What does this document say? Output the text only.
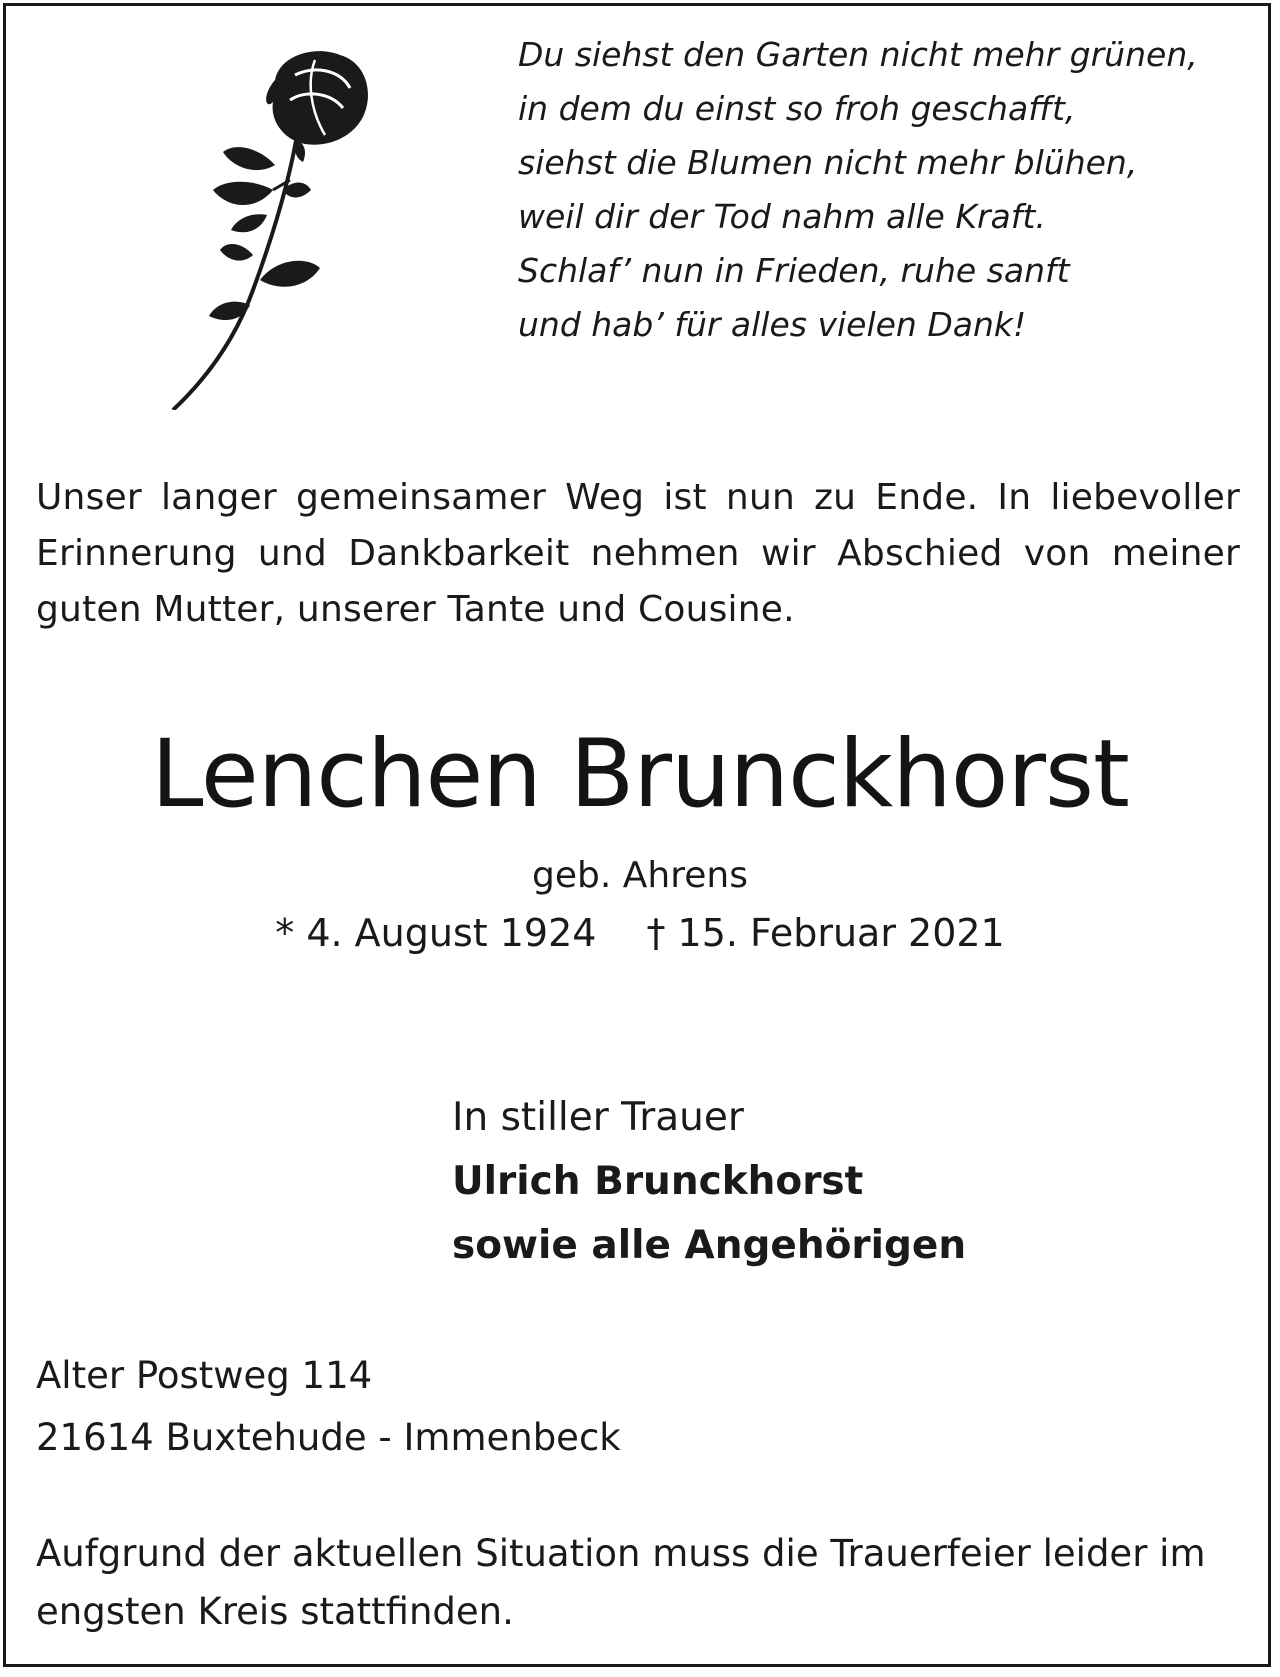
Du siehst den Garten nicht mehr grünen,
in dem du einst so froh geschafft,
siehst die Blumen nicht mehr blühen,
weil dir der Tod nahm alle Kraft.
Schlaf’ nun in Frieden, ruhe sanft
und hab’ für alles vielen Dank!
Unser langer gemeinsamer Weg ist nun zu Ende. In liebevoller Erinnerung und Dankbarkeit nehmen wir Abschied von meiner guten Mutter, unserer Tante und Cousine.
Lenchen Brunckhorst
geb. Ahrens
* 4. August 1924 † 15. Februar 2021
In stiller Trauer
Ulrich Brunckhorst
sowie alle Angehörigen
Alter Postweg 114
21614 Buxtehude - Immenbeck
Aufgrund der aktuellen Situation muss die Trauerfeier leider im engsten Kreis stattfinden.
